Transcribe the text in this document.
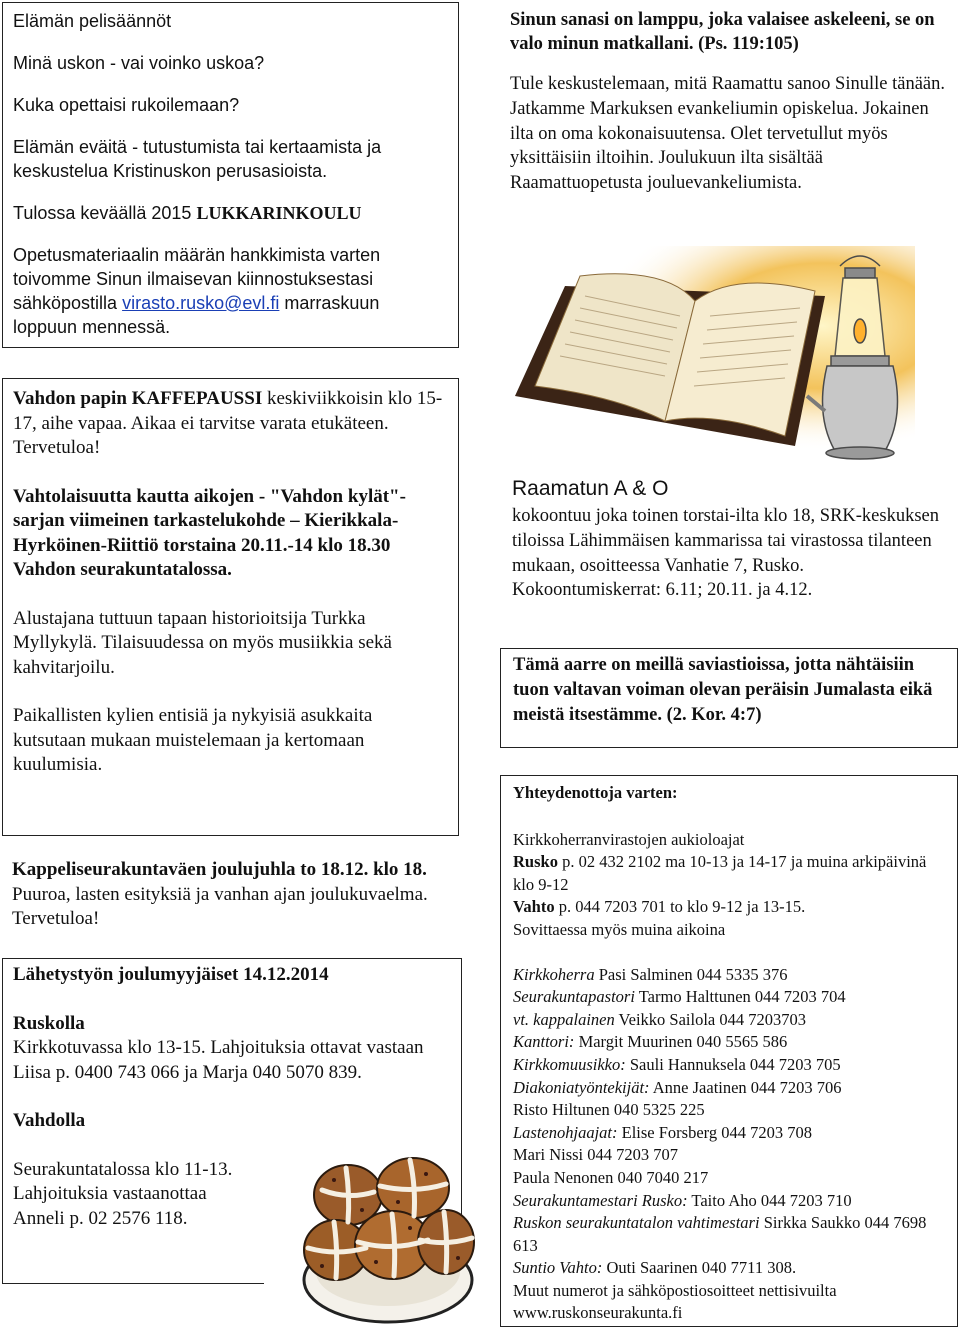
Elämän pelisäännöt

Minä uskon - vai voinko uskoa?

Kuka opettaisi rukoilemaan?

Elämän eväitä - tutustumista tai kertaamista ja keskustelua Kristinuskon perusasioista.

Tulossa keväällä 2015 LUKKARINKOULU

Opetusmateriaalin määrän hankkimista varten toivomme Sinun ilmaisevan kiinnostuksestasi sähköpostilla virasto.rusko@evl.fi marraskuun loppuun mennessä.

Vahdon papin KAFFEPAUSSI keskiviikkoisin klo 15-17, aihe vapaa. Aikaa ei tarvitse varata etukäteen. Tervetuloa!

Vahtolaisuutta kautta aikojen - "Vahdon kylät"- sarjan viimeinen tarkastelukohde – Kierikkala-Hyrköinen-Riittiö torstaina 20.11.-14 klo 18.30 Vahdon seurakuntatalossa.

Alustajana tuttuun tapaan historioitsija Turkka Myllykylä. Tilaisuudessa on myös musiikkia sekä kahvitarjoilu.

Paikallisten kylien entisiä ja nykyisiä asukkaita kutsutaan mukaan muistelemaan ja kertomaan kuulumisia.

Kappeliseurakuntaväen joulujuhla to 18.12. klo 18. Puuroa, lasten esityksiä ja vanhan ajan joulukuvaelma. Tervetuloa!

Lähetystyön joulumyyjäiset 14.12.2014

Ruskolla

Kirkkotuvassa klo 13-15. Lahjoituksia ottavat vastaan Liisa p. 0400 743 066 ja Marja 040 5070 839.

Vahdolla

Seurakuntatalossa klo 11-13. Lahjoituksia vastaanottaa Anneli p. 02 2576 118.

Sinun sanasi on lamppu, joka valaisee askeleeni, se on valo minun matkallani. (Ps. 119:105)

Tule keskustelemaan, mitä Raamattu sanoo Sinulle tänään. Jatkamme Markuksen evankeliumin opiskelua. Jokainen ilta on oma kokonaisuutensa. Olet tervetullut myös yksittäisiin iltoihin. Joulukuun ilta sisältää Raamattuopetusta jouluevankeliumista.

Raamatun A & O

kokoontuu joka toinen torstai-ilta klo 18, SRK-keskuksen tiloissa Lähimmäisen kammarissa tai virastossa tilanteen mukaan, osoitteessa Vanhatie 7, Rusko.

Kokoontumiskerrat: 6.11; 20.11. ja 4.12.

Tämä aarre on meillä saviastioissa, jotta nähtäisiin tuon valtavan voiman olevan peräisin Jumalasta eikä meistä itsestämme. (2. Kor. 4:7)

Yhteydenottoja varten:

Kirkkoherranvirastojen aukioloajat

Rusko p. 02 432 2102 ma 10-13 ja 14-17 ja muina arkipäivinä klo 9-12

Vahto p. 044 7203 701 to klo 9-12 ja 13-15.

Sovittaessa myös muina aikoina

Kirkkoherra Pasi Salminen 044 5335 376

Seurakuntapastori Tarmo Halttunen 044 7203 704

vt. kappalainen Veikko Sailola 044 7203703

Kanttori: Margit Muurinen 040 5565 586

Kirkkomuusikko: Sauli Hannuksela 044 7203 705

Diakoniatyöntekijät: Anne Jaatinen 044 7203 706

Risto Hiltunen 040 5325 225

Lastenohjaajat: Elise Forsberg 044 7203 708

Mari Nissi 044 7203 707

Paula Nenonen 040 7040 217

Seurakuntamestari Rusko: Taito Aho 044 7203 710

Ruskon seurakuntatalon vahtimestari Sirkka Saukko 044 7698 613

Suntio Vahto: Outi Saarinen 040 7711 308.

Muut numerot ja sähköpostiosoitteet nettisivuilta www.ruskonseurakunta.fi
